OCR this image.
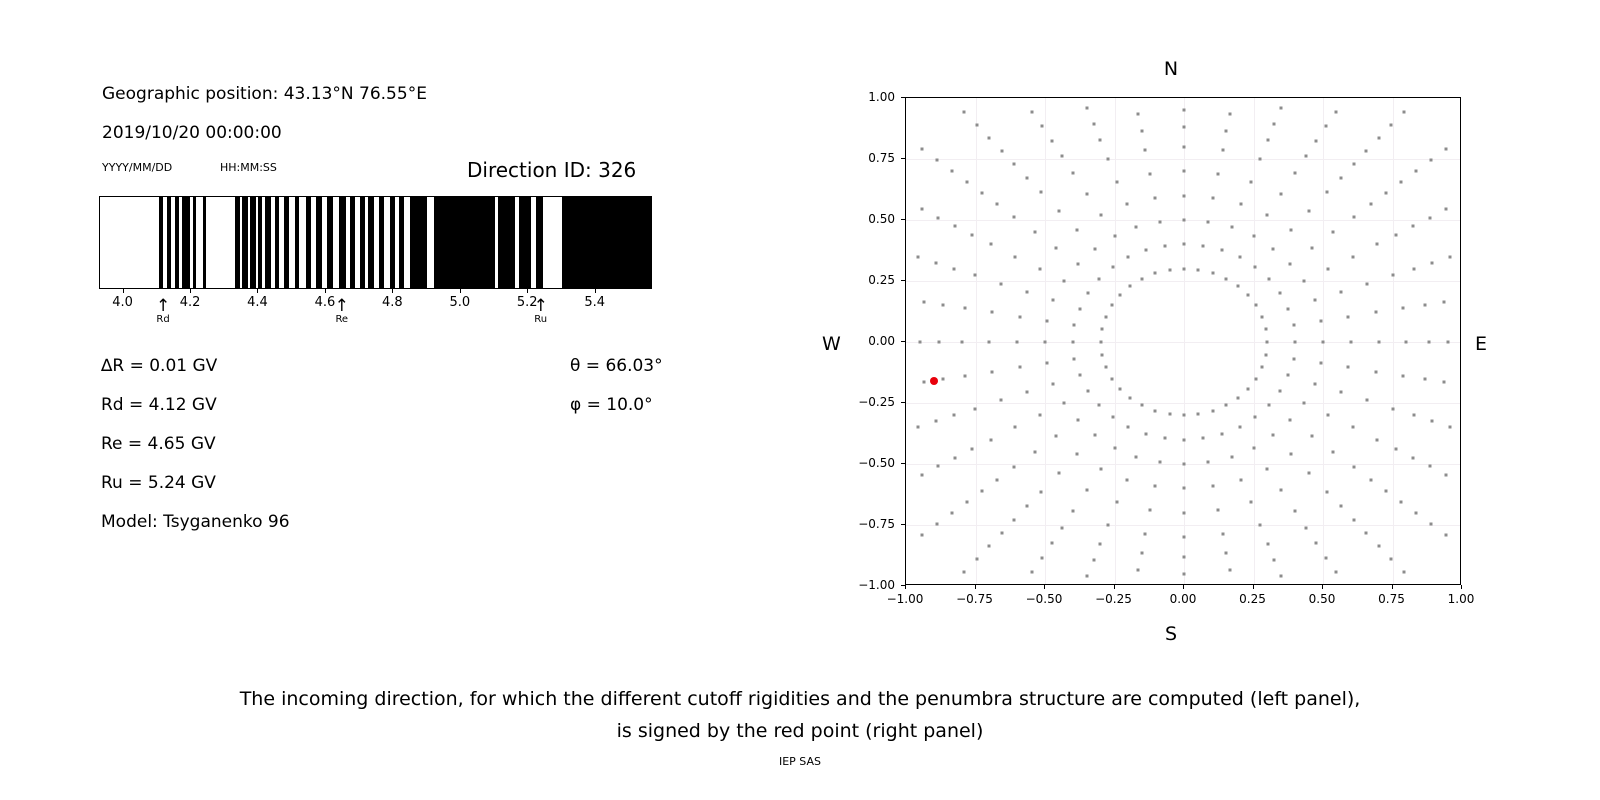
Geographic position: 43.13°N 76.55°E
2019/10/20 00:00:00
YYYY/MM/DD	HH:MM:SS	Direction ID: 326
4.0	4.2	4.4	4.6	4.8	5.0	5.2	5.4
↑
Rd
↑
Re
↑
Ru
∆R = 0.01 GV
Rd = 4.12 GV
Re = 4.65 GV
Ru = 5.24 GV
Model: Tsyganenko 96
θ = 66.03°
φ = 10.0°
N
S
W	E
−1.00
−0.75
−0.50
−0.25
0.00
0.25
0.50
0.75
1.00
−1.00	−0.75	−0.50	−0.25	0.00	0.25	0.50	0.75	1.00
The incoming direction, for which the different cutoff rigidities and the penumbra structure are computed (left panel),
is signed by the red point (right panel)
IEP SAS
